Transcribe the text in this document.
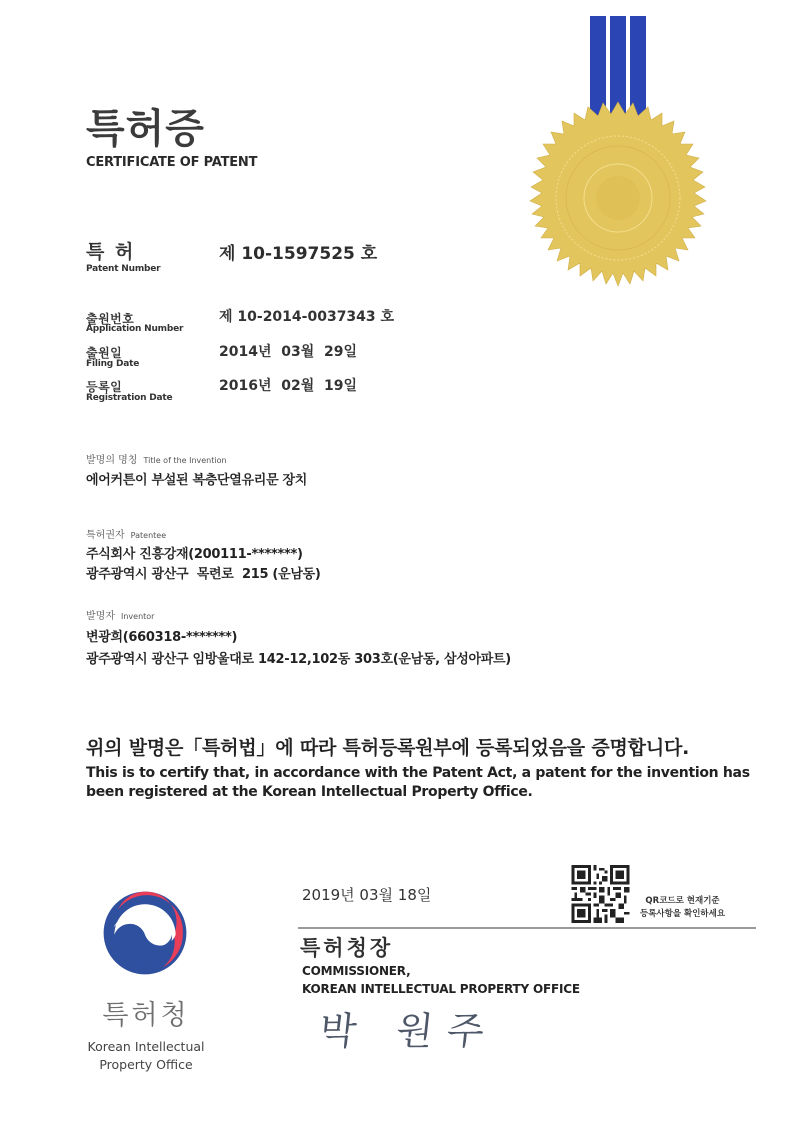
특허증
CERTIFICATE OF PATENT
특 허
Patent Number
제 10-1597525 호
출원번호
Application Number
제 10-2014-0037343 호
출원일
Filing Date
2014년  03월  29일
등록일
Registration Date
2016년  02월  19일
발명의 명칭 Title of the Invention
에어커튼이 부설된 복층단열유리문 장치
특허권자 Patentee
주식회사 진흥강재(200111-*******)
광주광역시 광산구  목련로  215 (운남동)
발명자 Inventor
변광희(660318-*******)
광주광역시 광산구 임방울대로 142-12,102동 303호(운남동, 삼성아파트)
위의 발명은「특허법」에 따라 특허등록원부에 등록되었음을 증명합니다.
This is to certify that, in accordance with the Patent Act, a patent for the invention has been registered at the Korean Intellectual Property Office.
2019년 03월 18일	QR코드로 현재기준
등록사항을 확인하세요
특허청장
COMMISSIONER,
KOREAN INTELLECTUAL PROPERTY OFFICE
박 원주
특허청
Korean Intellectual
Property Office
